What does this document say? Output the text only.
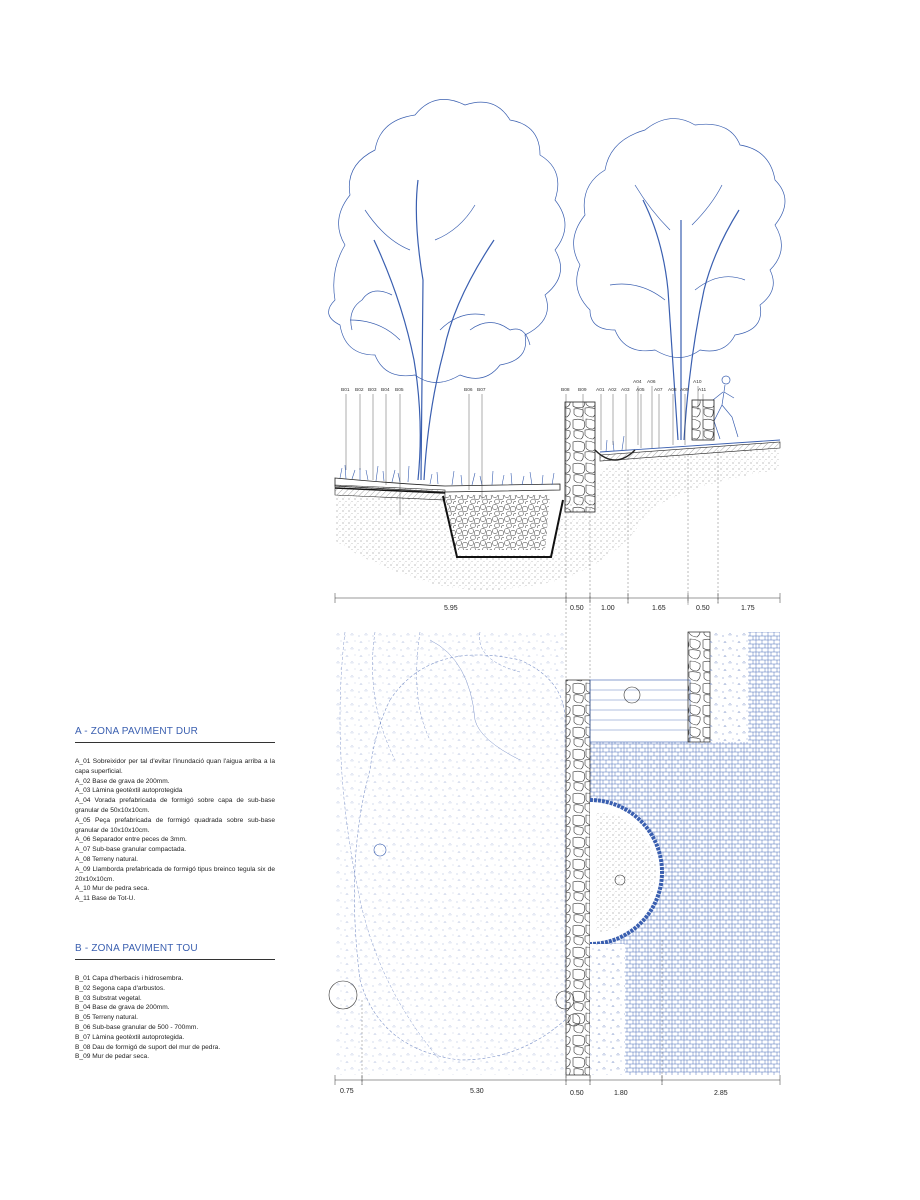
A - ZONA PAVIMENT DUR
A_01 Sobreixidor per tal d'evitar l'inundació quan l'aigua arriba a la capa superficial.
A_02 Base de grava de 200mm.
A_03 Làmina geotèxtil autoprotegida
A_04 Vorada prefabricada de formigó sobre capa de sub-base granular de 50x10x10cm.
A_05 Peça prefabricada de formigó quadrada sobre sub-base granular de 10x10x10cm.
A_06 Separador entre peces de 3mm.
A_07 Sub-base granular compactada.
A_08 Terreny natural.
A_09 Llamborda prefabricada de formigó tipus breinco tegula six de 20x10x10cm.
A_10 Mur de pedra seca.
A_11 Base de Tot-U.
B - ZONA PAVIMENT TOU
B_01 Capa d'herbacis i hidrosembra.
B_02 Segona capa d'arbustos.
B_03 Substrat vegetal.
B_04 Base de grava de 200mm.
B_05 Terreny natural.
B_06 Sub-base granular de 500 - 700mm.
B_07 Làmina geotèxtil autoprotegida.
B_08 Dau de formigó de suport del mur de pedra.
B_09 Mur de pedar seca.
B01 B02 B03 B04 B05	B06 B07	B08 B09 A01 A02 A03
A04
A05
A06
A07 A08 A09
A10
A11
5.95	0.50 1.00	1.65	0.50	1.75
0.75	5.30	0.50	1.80	2.85
